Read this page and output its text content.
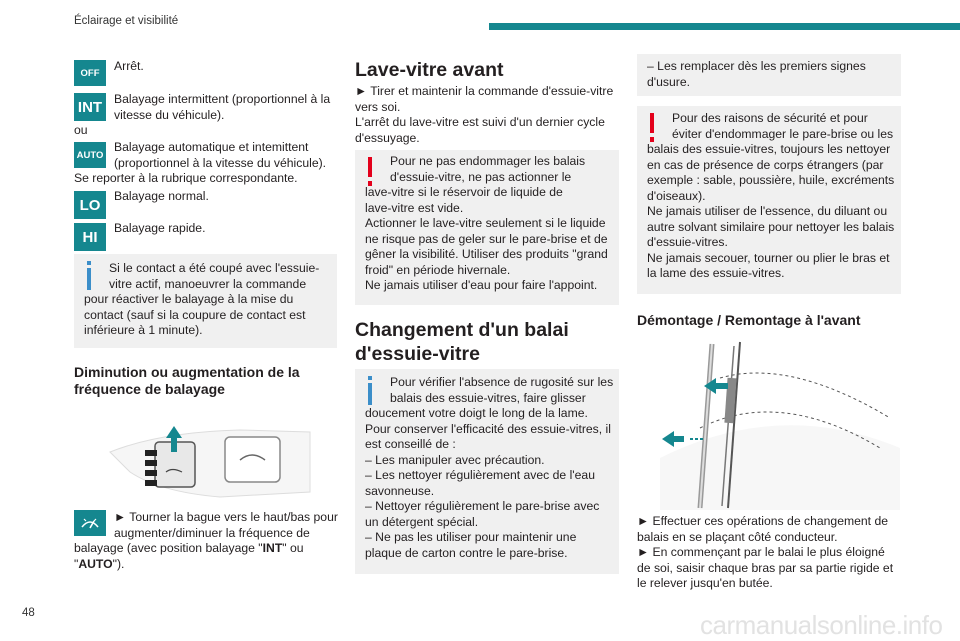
Éclairage et visibilité
48
OFF	Arrêt.
INT Balayage intermittent (proportionnel à la

vitesse du véhicule).

ou
AUTO

Balayage automatique et intemittent

(proportionnel à la vitesse du véhicule).

Se reporter à la rubrique correspondante.
LO
Balayage normal.
HI
Balayage rapide.

Si le contact a été coupé avec l'essuie-

vitre actif, manoeuvrer la commande

pour réactiver le balayage à la mise du

contact (sauf si la coupure de contact est

inférieure à 1 minute).

Diminution ou augmentation de la
fréquence de balayage

► Tourner la bague vers le haut/bas pour

augmenter/diminuer la fréquence de

balayage (avec position balayage "INT" ou

"AUTO").

Lave-vitre avant

► Tirer et maintenir la commande d'essuie-vitre

vers soi.

L'arrêt du lave-vitre est suivi d'un dernier cycle

d'essuyage.

Pour ne pas endommager les balais

d'essuie-vitre, ne pas actionner le

lave-vitre si le réservoir de liquide de

lave-vitre est vide.

Actionner le lave-vitre seulement si le liquide

ne risque pas de geler sur le pare-brise et de

gêner la visibilité. Utiliser des produits "grand

froid" en période hivernale.

Ne jamais utiliser d'eau pour faire l'appoint.

Changement d'un balai
d'essuie-vitre

Pour vérifier l'absence de rugosité sur les

balais des essuie-vitres, faire glisser

doucement votre doigt le long de la lame.

Pour conserver l'efficacité des essuie-vitres, il

est conseillé de :

– Les manipuler avec précaution.

– Les nettoyer régulièrement avec de l'eau

savonneuse.

– Nettoyer régulièrement le pare-brise avec

un détergent spécial.

– Ne pas les utiliser pour maintenir une

plaque de carton contre le pare-brise.

– Les remplacer dès les premiers signes

d'usure.

Pour des raisons de sécurité et pour

éviter d'endommager le pare-brise ou les

balais des essuie-vitres, toujours les nettoyer

en cas de présence de corps étrangers (par

exemple : sable, poussière, huile, excréments

d'oiseaux).

Ne jamais utiliser de l'essence, du diluant ou

autre solvant similaire pour nettoyer les balais

d'essuie-vitres.

Ne jamais secouer, tourner ou plier le bras et

la lame des essuie-vitres.

Démontage / Remontage à l'avant

► Effectuer ces opérations de changement de

balais en se plaçant côté conducteur.

► En commençant par le balai le plus éloigné

de soi, saisir chaque bras par sa partie rigide et

le relever jusqu'en butée.

carmanualsonline.info
